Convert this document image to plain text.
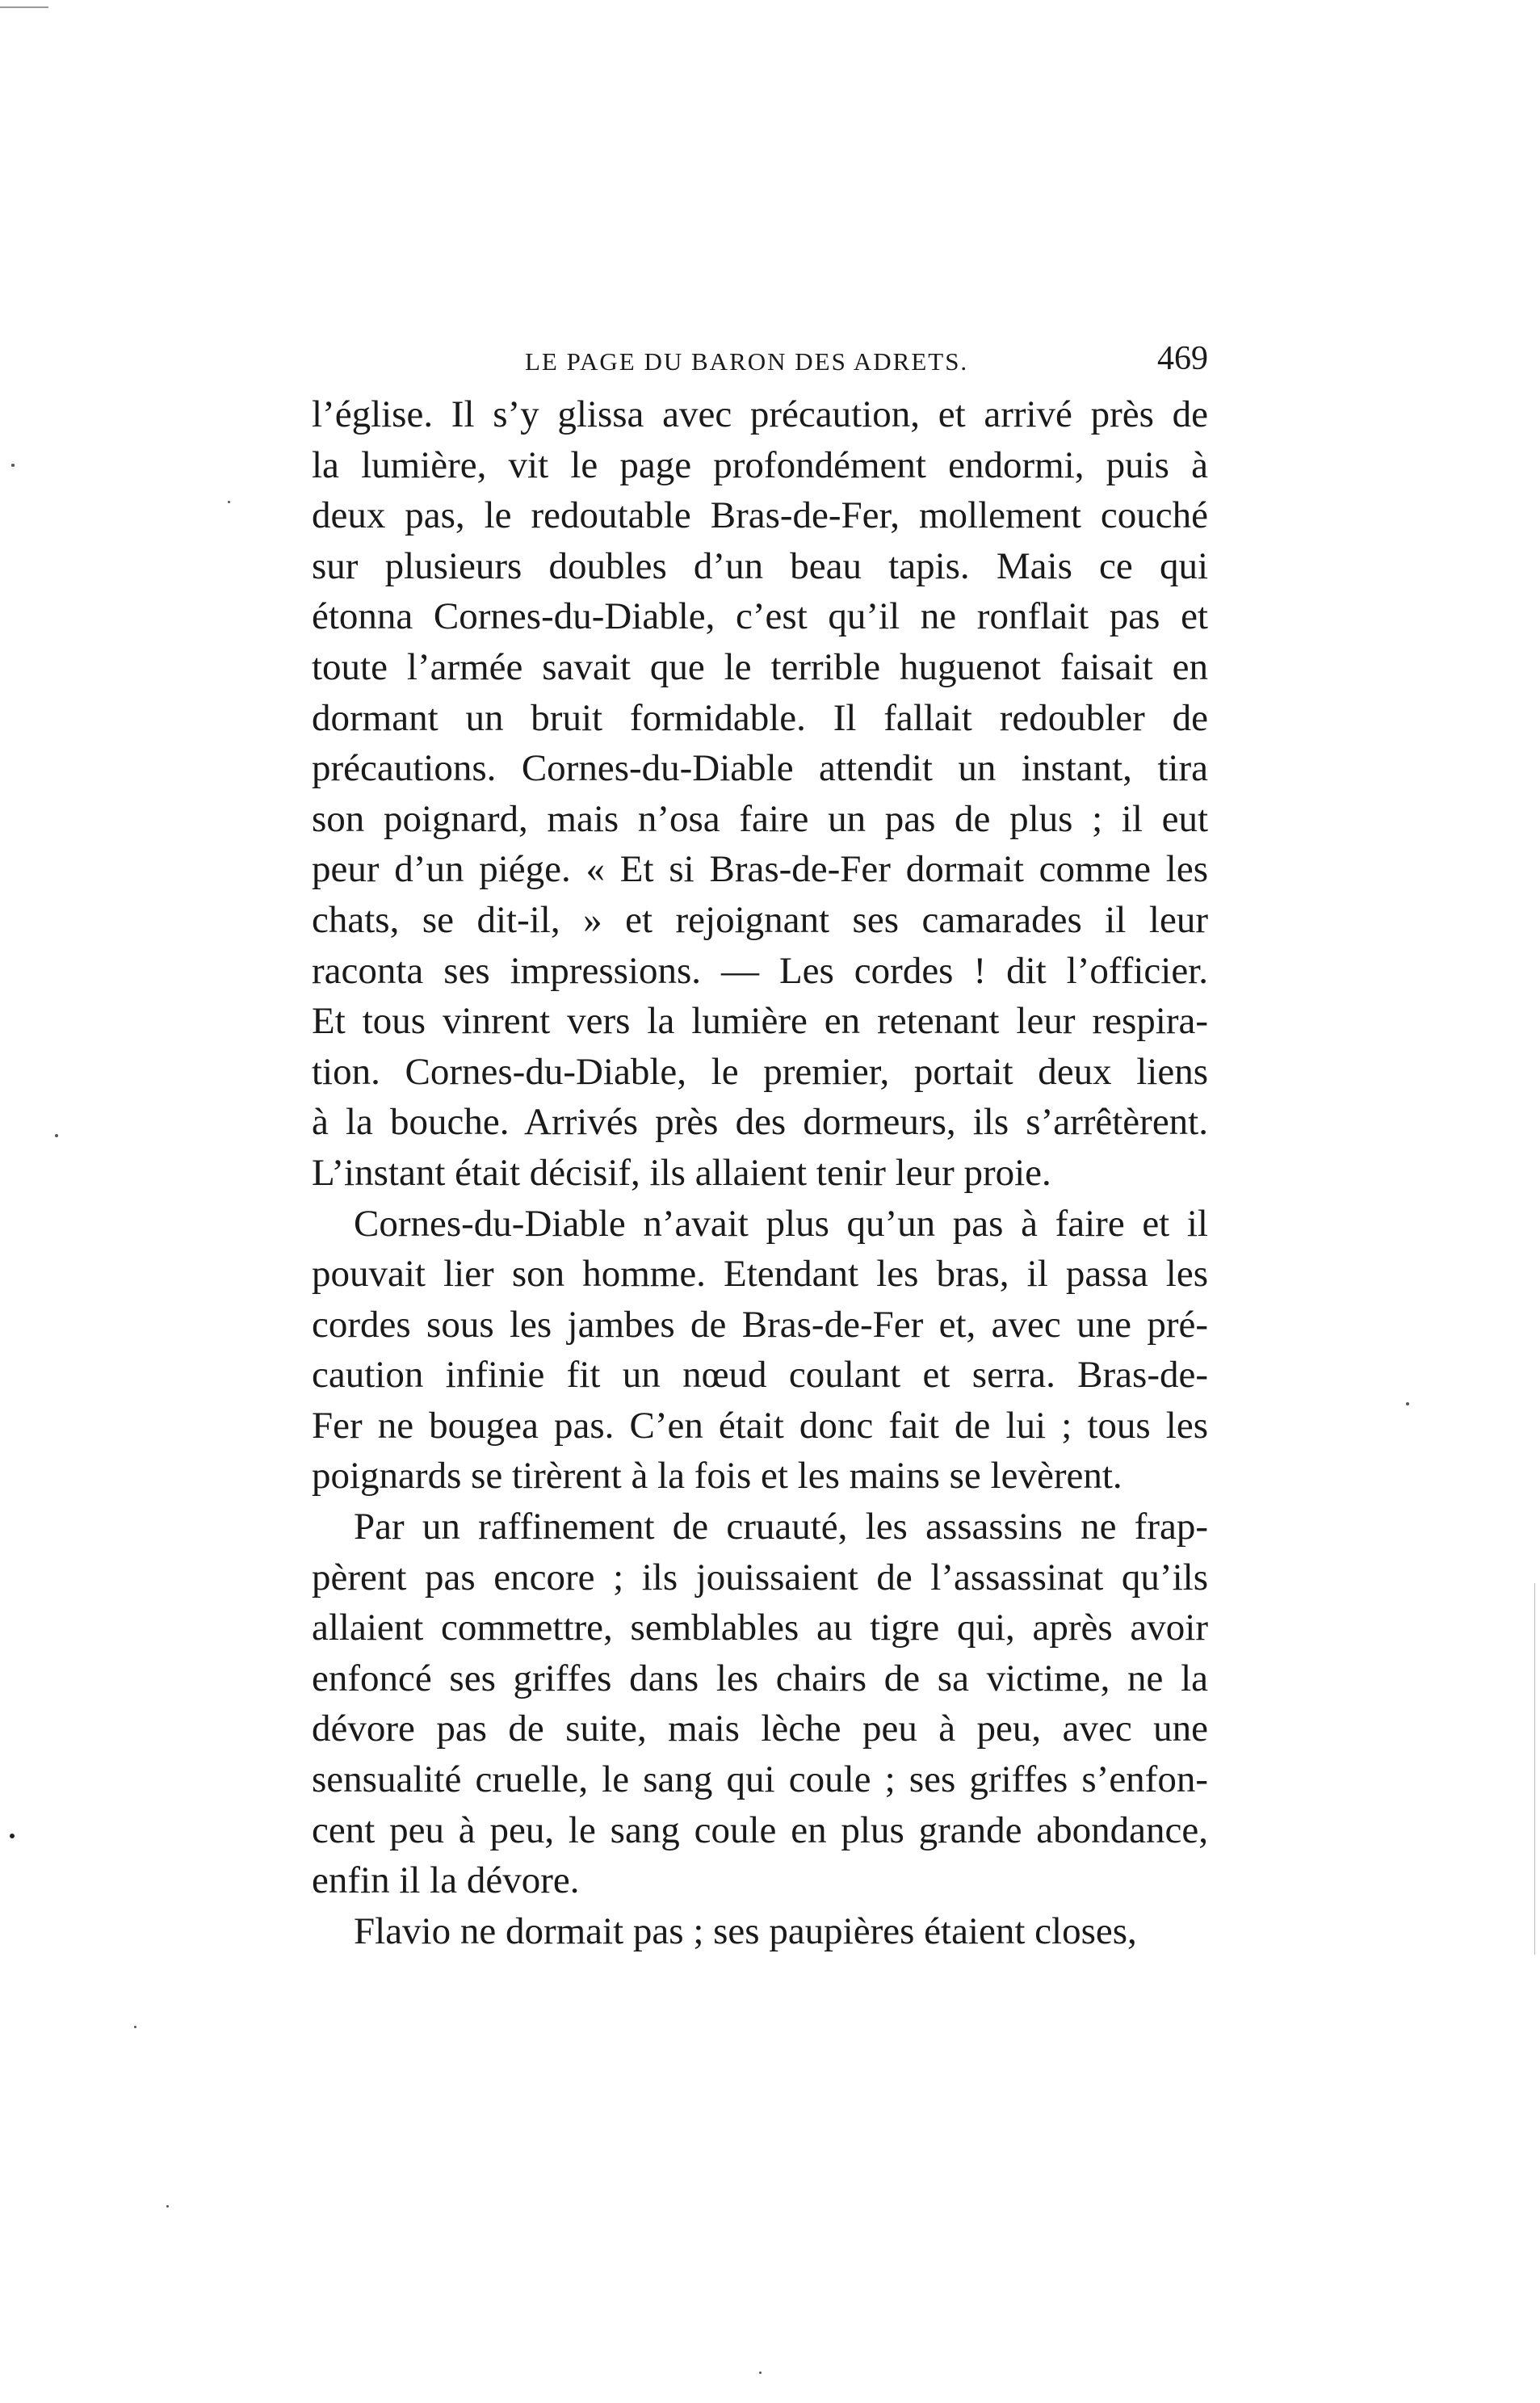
LE PAGE DU BARON DES ADRETS.	469
l’église. Il s’y glissa avec précaution, et arrivé près de
la lumière, vit le page profondément endormi, puis à
deux pas, le redoutable Bras-de-Fer, mollement couché
sur plusieurs doubles d’un beau tapis. Mais ce qui
étonna Cornes-du-Diable, c’est qu’il ne ronflait pas et
toute l’armée savait que le terrible huguenot faisait en
dormant un bruit formidable. Il fallait redoubler de
précautions. Cornes-du-Diable attendit un instant, tira
son poignard, mais n’osa faire un pas de plus ; il eut
peur d’un piége. « Et si Bras-de-Fer dormait comme les
chats, se dit-il, » et rejoignant ses camarades il leur
raconta ses impressions. — Les cordes ! dit l’officier.
Et tous vinrent vers la lumière en retenant leur respira-
tion. Cornes-du-Diable, le premier, portait deux liens
à la bouche. Arrivés près des dormeurs, ils s’arrêtèrent.
L’instant était décisif, ils allaient tenir leur proie.
Cornes-du-Diable n’avait plus qu’un pas à faire et il
pouvait lier son homme. Etendant les bras, il passa les
cordes sous les jambes de Bras-de-Fer et, avec une pré-
caution infinie fit un nœud coulant et serra. Bras-de-
Fer ne bougea pas. C’en était donc fait de lui ; tous les
poignards se tirèrent à la fois et les mains se levèrent.
Par un raffinement de cruauté, les assassins ne frap-
pèrent pas encore ; ils jouissaient de l’assassinat qu’ils
allaient commettre, semblables au tigre qui, après avoir
enfoncé ses griffes dans les chairs de sa victime, ne la
dévore pas de suite, mais lèche peu à peu, avec une
sensualité cruelle, le sang qui coule ; ses griffes s’enfon-
cent peu à peu, le sang coule en plus grande abondance,
enfin il la dévore.
Flavio ne dormait pas ; ses paupières étaient closes,
